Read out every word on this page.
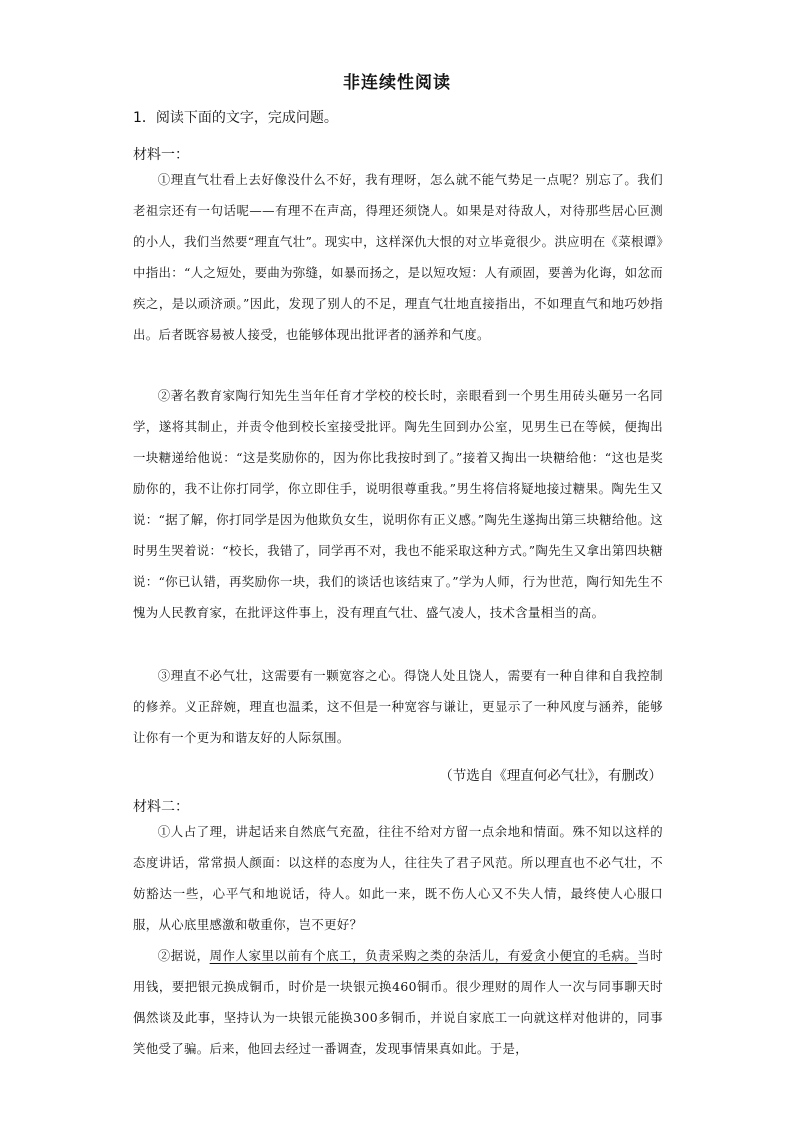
非连续性阅读
1．阅读下面的文字，完成问题。
材料一：
①理直气壮看上去好像没什么不好，我有理呀，怎么就不能气势足一点呢？别忘了。我们老祖宗还有一句话呢——有理不在声高，得理还须饶人。如果是对待敌人，对待那些居心叵测的小人，我们当然要“理直气壮”。现实中，这样深仇大恨的对立毕竟很少。洪应明在《菜根谭》中指出：“人之短处，要曲为弥缝，如暴而扬之，是以短攻短：人有顽固，要善为化诲，如忿而疾之，是以顽济顽。”因此，发现了别人的不足，理直气壮地直接指出，不如理直气和地巧妙指出。后者既容易被人接受，也能够体现出批评者的涵养和气度。
②著名教育家陶行知先生当年任育才学校的校长时，亲眼看到一个男生用砖头砸另一名同学，遂将其制止，并责令他到校长室接受批评。陶先生回到办公室，见男生已在等候，便掏出一块糖递给他说：“这是奖励你的，因为你比我按时到了。”接着又掏出一块糖给他：“这也是奖励你的，我不让你打同学，你立即住手，说明很尊重我。”男生将信将疑地接过糖果。陶先生又说：“据了解，你打同学是因为他欺负女生，说明你有正义感。”陶先生遂掏出第三块糖给他。这时男生哭着说：“校长，我错了，同学再不对，我也不能采取这种方式。”陶先生又拿出第四块糖说：“你已认错，再奖励你一块，我们的谈话也该结束了。”学为人师，行为世范，陶行知先生不愧为人民教育家，在批评这件事上，没有理直气壮、盛气凌人，技术含量相当的高。
③理直不必气壮，这需要有一颗宽容之心。得饶人处且饶人，需要有一种自律和自我控制的修养。义正辞婉，理直也温柔，这不但是一种宽容与谦让，更显示了一种风度与涵养，能够让你有一个更为和谐友好的人际氛围。
（节选自《理直何必气壮》，有删改）
材料二：
①人占了理，讲起话来自然底气充盈，往往不给对方留一点余地和情面。殊不知以这样的态度讲话，常常损人颜面：以这样的态度为人，往往失了君子风范。所以理直也不必气壮，不妨豁达一些，心平气和地说话，待人。如此一来，既不伤人心又不失人情，最终使人心服口服，从心底里感激和敬重你，岂不更好？
②据说，周作人家里以前有个底工，负责采购之类的杂活儿，有爱贪小便宜的毛病。当时用钱，要把银元换成铜币，时价是一块银元换460铜币。很少理财的周作人一次与同事聊天时偶然谈及此事，坚持认为一块银元能换300多铜币，并说自家底工一向就这样对他讲的，同事笑他受了骗。后来，他回去经过一番调查，发现事情果真如此。于是，
